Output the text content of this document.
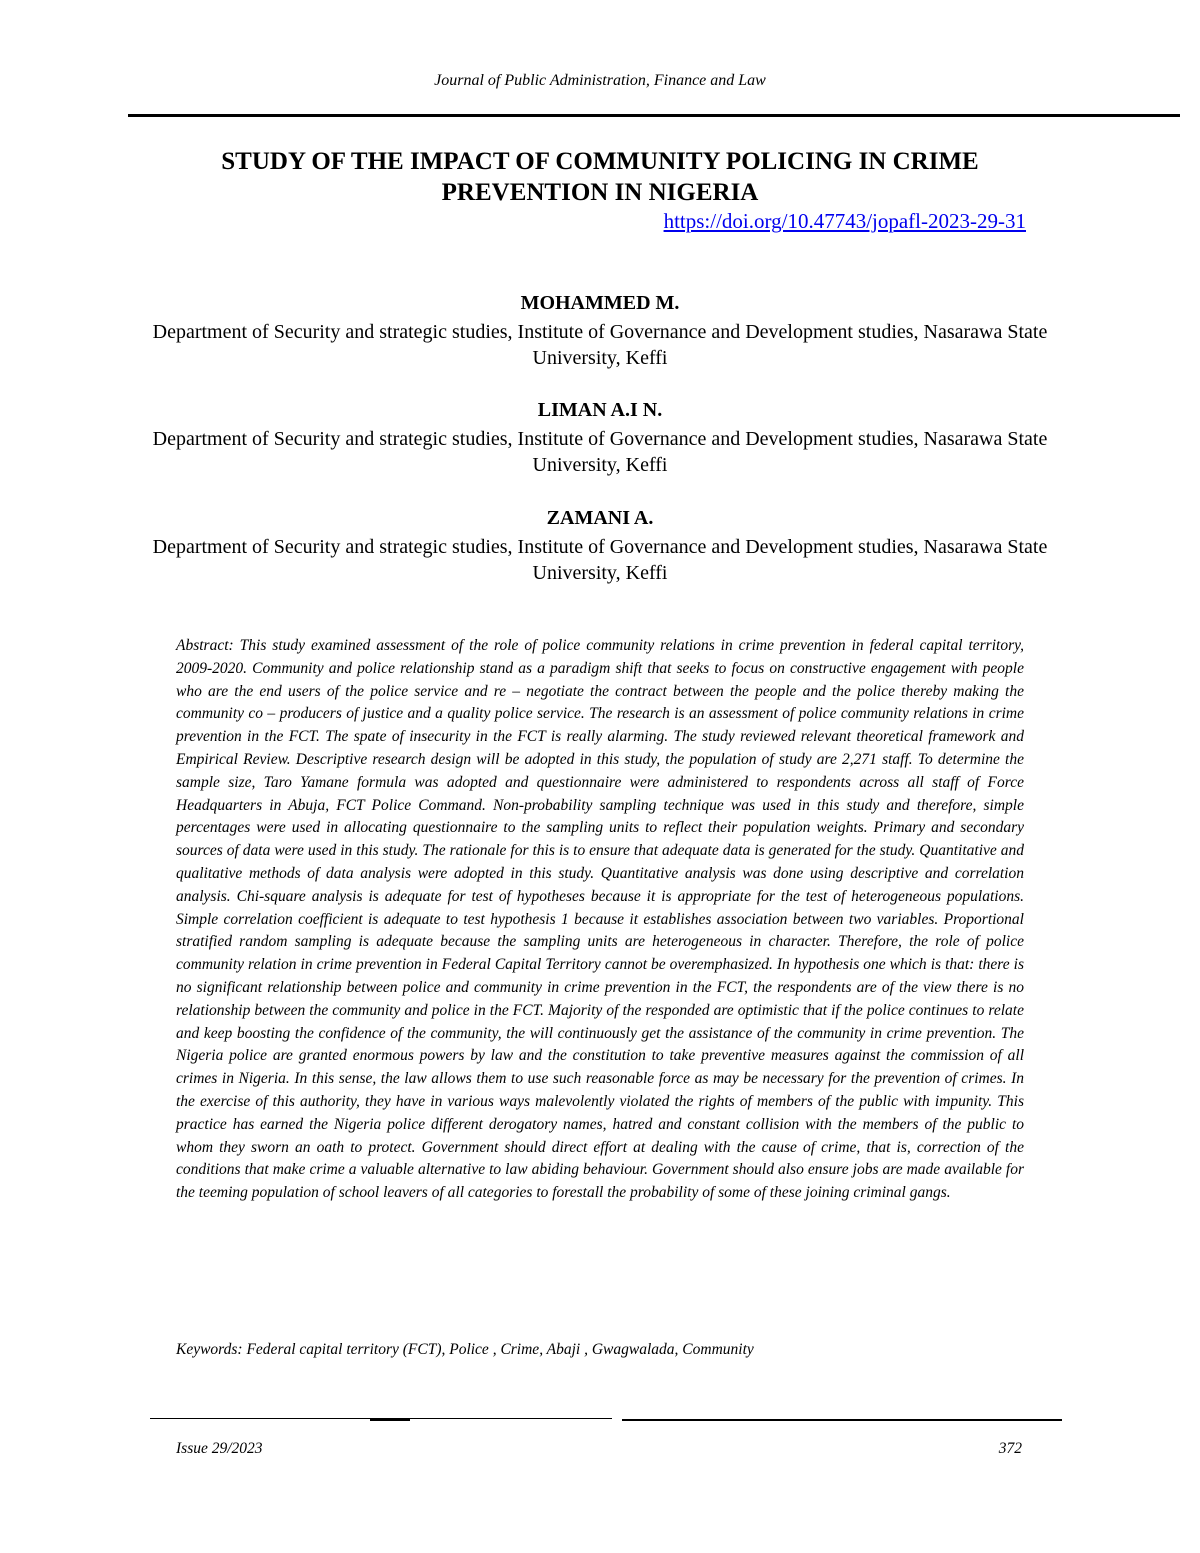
Journal of Public Administration, Finance and Law
STUDY OF THE IMPACT OF COMMUNITY POLICING IN CRIME PREVENTION IN NIGERIA
https://doi.org/10.47743/jopafl-2023-29-31
MOHAMMED M.
Department of Security and strategic studies, Institute of Governance and Development studies, Nasarawa State University, Keffi
LIMAN A.I N.
Department of Security and strategic studies, Institute of Governance and Development studies, Nasarawa State University, Keffi
ZAMANI A.
Department of Security and strategic studies, Institute of Governance and Development studies, Nasarawa State University, Keffi

Abstract: This study examined assessment of the role of police community relations in crime prevention in federal capital territory, 2009-2020. Community and police relationship stand as a paradigm shift that seeks to focus on constructive engagement with people who are the end users of the police service and re – negotiate the contract between the people and the police thereby making the community co – producers of justice and a quality police service. The research is an assessment of police community relations in crime prevention in the FCT. The spate of insecurity in the FCT is really alarming. The study reviewed relevant theoretical framework and Empirical Review. Descriptive research design will be adopted in this study, the population of study are 2,271 staff. To determine the sample size, Taro Yamane formula was adopted and questionnaire were administered to respondents across all staff of Force Headquarters in Abuja, FCT Police Command. Non-probability sampling technique was used in this study and therefore, simple percentages were used in allocating questionnaire to the sampling units to reflect their population weights. Primary and secondary sources of data were used in this study. The rationale for this is to ensure that adequate data is generated for the study. Quantitative and qualitative methods of data analysis were adopted in this study. Quantitative analysis was done using descriptive and correlation analysis. Chi-square analysis is adequate for test of hypotheses because it is appropriate for the test of heterogeneous populations. Simple correlation coefficient is adequate to test hypothesis 1 because it establishes association between two variables. Proportional stratified random sampling is adequate because the sampling units are heterogeneous in character. Therefore, the role of police community relation in crime prevention in Federal Capital Territory cannot be overemphasized. In hypothesis one which is that: there is no significant relationship between police and community in crime prevention in the FCT, the respondents are of the view there is no relationship between the community and police in the FCT. Majority of the responded are optimistic that if the police continues to relate and keep boosting the confidence of the community, the will continuously get the assistance of the community in crime prevention. The Nigeria police are granted enormous powers by law and the constitution to take preventive measures against the commission of all crimes in Nigeria. In this sense, the law allows them to use such reasonable force as may be necessary for the prevention of crimes. In the exercise of this authority, they have in various ways malevolently violated the rights of members of the public with impunity. This practice has earned the Nigeria police different derogatory names, hatred and constant collision with the members of the public to whom they sworn an oath to protect. Government should direct effort at dealing with the cause of crime, that is, correction of the conditions that make crime a valuable alternative to law abiding behaviour. Government should also ensure jobs are made available for the teeming population of school leavers of all categories to forestall the probability of some of these joining criminal gangs.

Keywords: Federal capital territory (FCT), Police , Crime, Abaji , Gwagwalada, Community
Issue 29/2023	372
